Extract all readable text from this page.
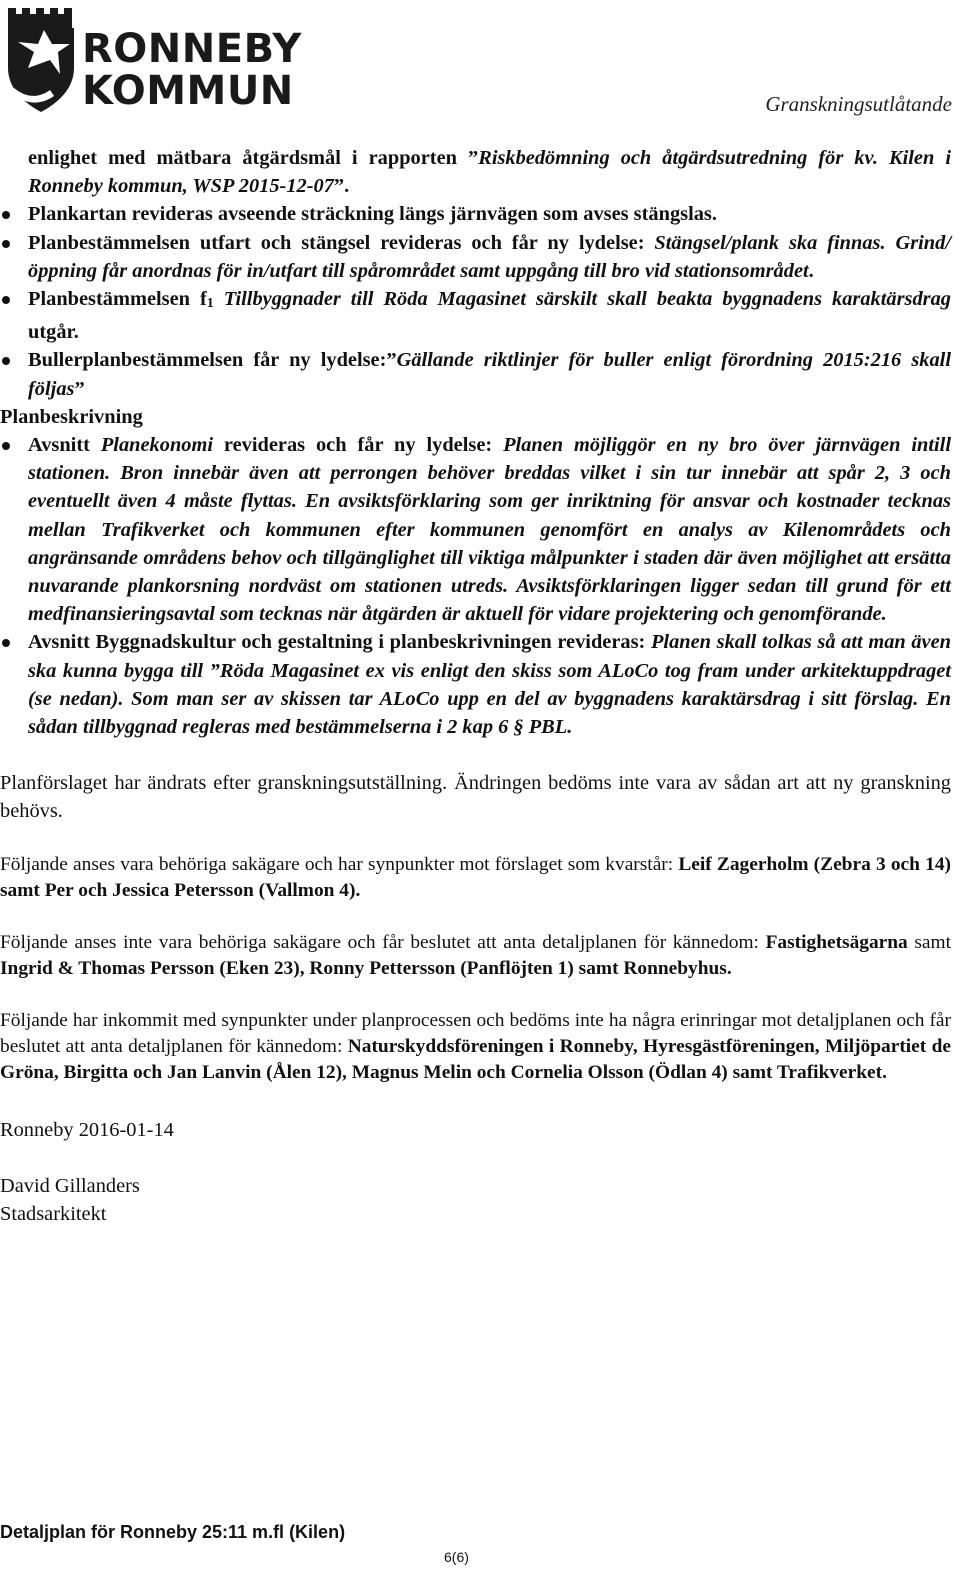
RONNEBY
KOMMUN	Granskningsutlåtande
enlighet med mätbara åtgärdsmål i rapporten ”Riskbedömning och åtgärdsutredning för kv. Kilen i Ronneby kommun, WSP 2015-12-07”.
Plankartan revideras avseende sträckning längs järnvägen som avses stängslas.
Planbestämmelsen utfart och stängsel revideras och får ny lydelse: Stängsel/plank ska finnas. Grind/öppning får anordnas för in/utfart till spårområdet samt uppgång till bro vid stationsområdet.
Planbestämmelsen f1 Tillbyggnader till Röda Magasinet särskilt skall beakta byggnadens karaktärsdrag utgår.
Bullerplanbestämmelsen får ny lydelse:”Gällande riktlinjer för buller enligt förordning 2015:216 skall följas”
Planbeskrivning
Avsnitt Planekonomi revideras och får ny lydelse: Planen möjliggör en ny bro över järnvägen intill stationen. Bron innebär även att perrongen behöver breddas vilket i sin tur innebär att spår 2, 3 och eventuellt även 4 måste flyttas. En avsiktsförklaring som ger inriktning för ansvar och kostnader tecknas mellan Trafikverket och kommunen efter kommunen genomfört en analys av Kilenområdets och angränsande områdens behov och tillgänglighet till viktiga målpunkter i staden där även möjlighet att ersätta nuvarande plankorsning nordväst om stationen utreds. Avsiktsförklaringen ligger sedan till grund för ett medfinansieringsavtal som tecknas när åtgärden är aktuell för vidare projektering och genomförande.
Avsnitt Byggnadskultur och gestaltning i planbeskrivningen revideras: Planen skall tolkas så att man även ska kunna bygga till ”Röda Magasinet ex vis enligt den skiss som ALoCo tog fram under arkitektuppdraget (se nedan). Som man ser av skissen tar ALoCo upp en del av byggnadens karaktärsdrag i sitt förslag. En sådan tillbyggnad regleras med bestämmelserna i 2 kap 6 § PBL.

Planförslaget har ändrats efter granskningsutställning. Ändringen bedöms inte vara av sådan art att ny granskning behövs.

Följande anses vara behöriga sakägare och har synpunkter mot förslaget som kvarstår: Leif Zagerholm (Zebra 3 och 14) samt Per och Jessica Petersson (Vallmon 4).

Följande anses inte vara behöriga sakägare och får beslutet att anta detaljplanen för kännedom: Fastighetsägarna samt Ingrid & Thomas Persson (Eken 23), Ronny Pettersson (Panflöjten 1) samt Ronnebyhus.

Följande har inkommit med synpunkter under planprocessen och bedöms inte ha några erinringar mot detaljplanen och får beslutet att anta detaljplanen för kännedom: Naturskyddsföreningen i Ronneby, Hyresgästföreningen, Miljöpartiet de Gröna, Birgitta och Jan Lanvin (Ålen 12), Magnus Melin och Cornelia Olsson (Ödlan 4) samt Trafikverket.

Ronneby 2016-01-14

David Gillanders

Stadsarkitekt

Detaljplan för Ronneby 25:11 m.fl (Kilen)
6(6)
